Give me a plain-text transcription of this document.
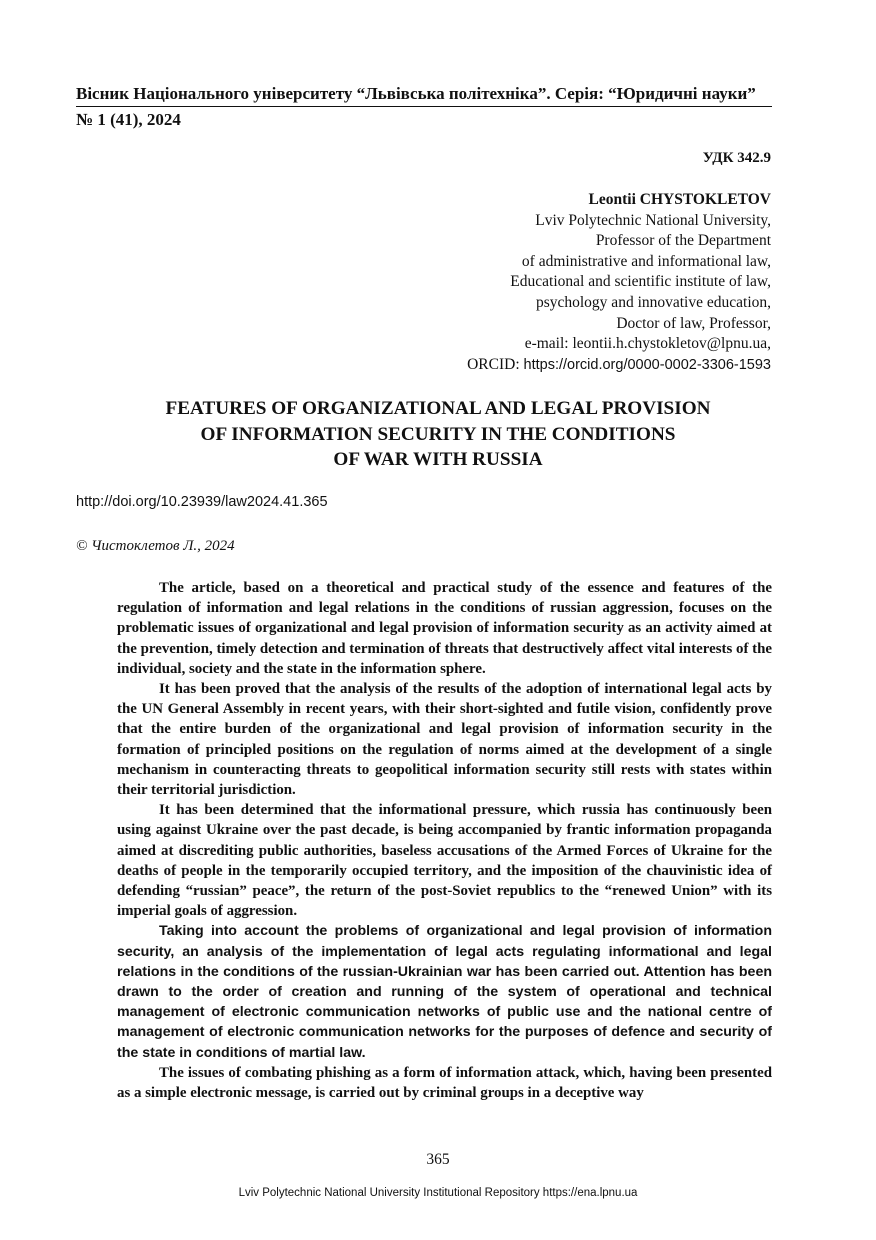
Вісник Національного університету “Львівська політехніка”. Серія: “Юридичні науки”
№ 1 (41), 2024
УДК 342.9
Leontii CHYSTOKLETOV
Lviv Polytechnic National University,
Professor of the Department
of administrative and informational law,
Educational and scientific institute of law,
psychology and innovative education,
Doctor of law, Professor,
e-mail: leontii.h.chystokletov@lpnu.ua,
ORCID: https://orcid.org/0000-0002-3306-1593
FEATURES OF ORGANIZATIONAL AND LEGAL PROVISION
OF INFORMATION SECURITY IN THE CONDITIONS
OF WAR WITH RUSSIA
http://doi.org/10.23939/law2024.41.365
© Чистоклетов Л., 2024

The article, based on a theoretical and practical study of the essence and features of the regulation of information and legal relations in the conditions of russian aggression, focuses on the problematic issues of organizational and legal provision of information security as an activity aimed at the prevention, timely detection and termination of threats that destructively affect vital interests of the individual, society and the state in the information sphere.

It has been proved that the analysis of the results of the adoption of international legal acts by the UN General Assembly in recent years, with their short-sighted and futile vision, confidently prove that the entire burden of the organizational and legal provision of information security in the formation of principled positions on the regulation of norms aimed at the development of a single mechanism in counteracting threats to geopolitical information security still rests with states within their territorial jurisdiction.

It has been determined that the informational pressure, which russia has continuously been using against Ukraine over the past decade, is being accompanied by frantic information propaganda aimed at discrediting public authorities, baseless accusations of the Armed Forces of Ukraine for the deaths of people in the temporarily occupied territory, and the imposition of the chauvinistic idea of defending “russian” peace”, the return of the post-Soviet republics to the “renewed Union” with its imperial goals of aggression.

Taking into account the problems of organizational and legal provision of information security, an analysis of the implementation of legal acts regulating informational and legal relations in the conditions of the russian-Ukrainian war has been carried out. Attention has been drawn to the order of creation and running of the system of operational and technical management of electronic communication networks of public use and the national centre of management of electronic communication networks for the purposes of defence and security of the state in conditions of martial law.

The issues of combating phishing as a form of information attack, which, having been presented as a simple electronic message, is carried out by criminal groups in a deceptive way

365
Lviv Polytechnic National University Institutional Repository https://ena.lpnu.ua
